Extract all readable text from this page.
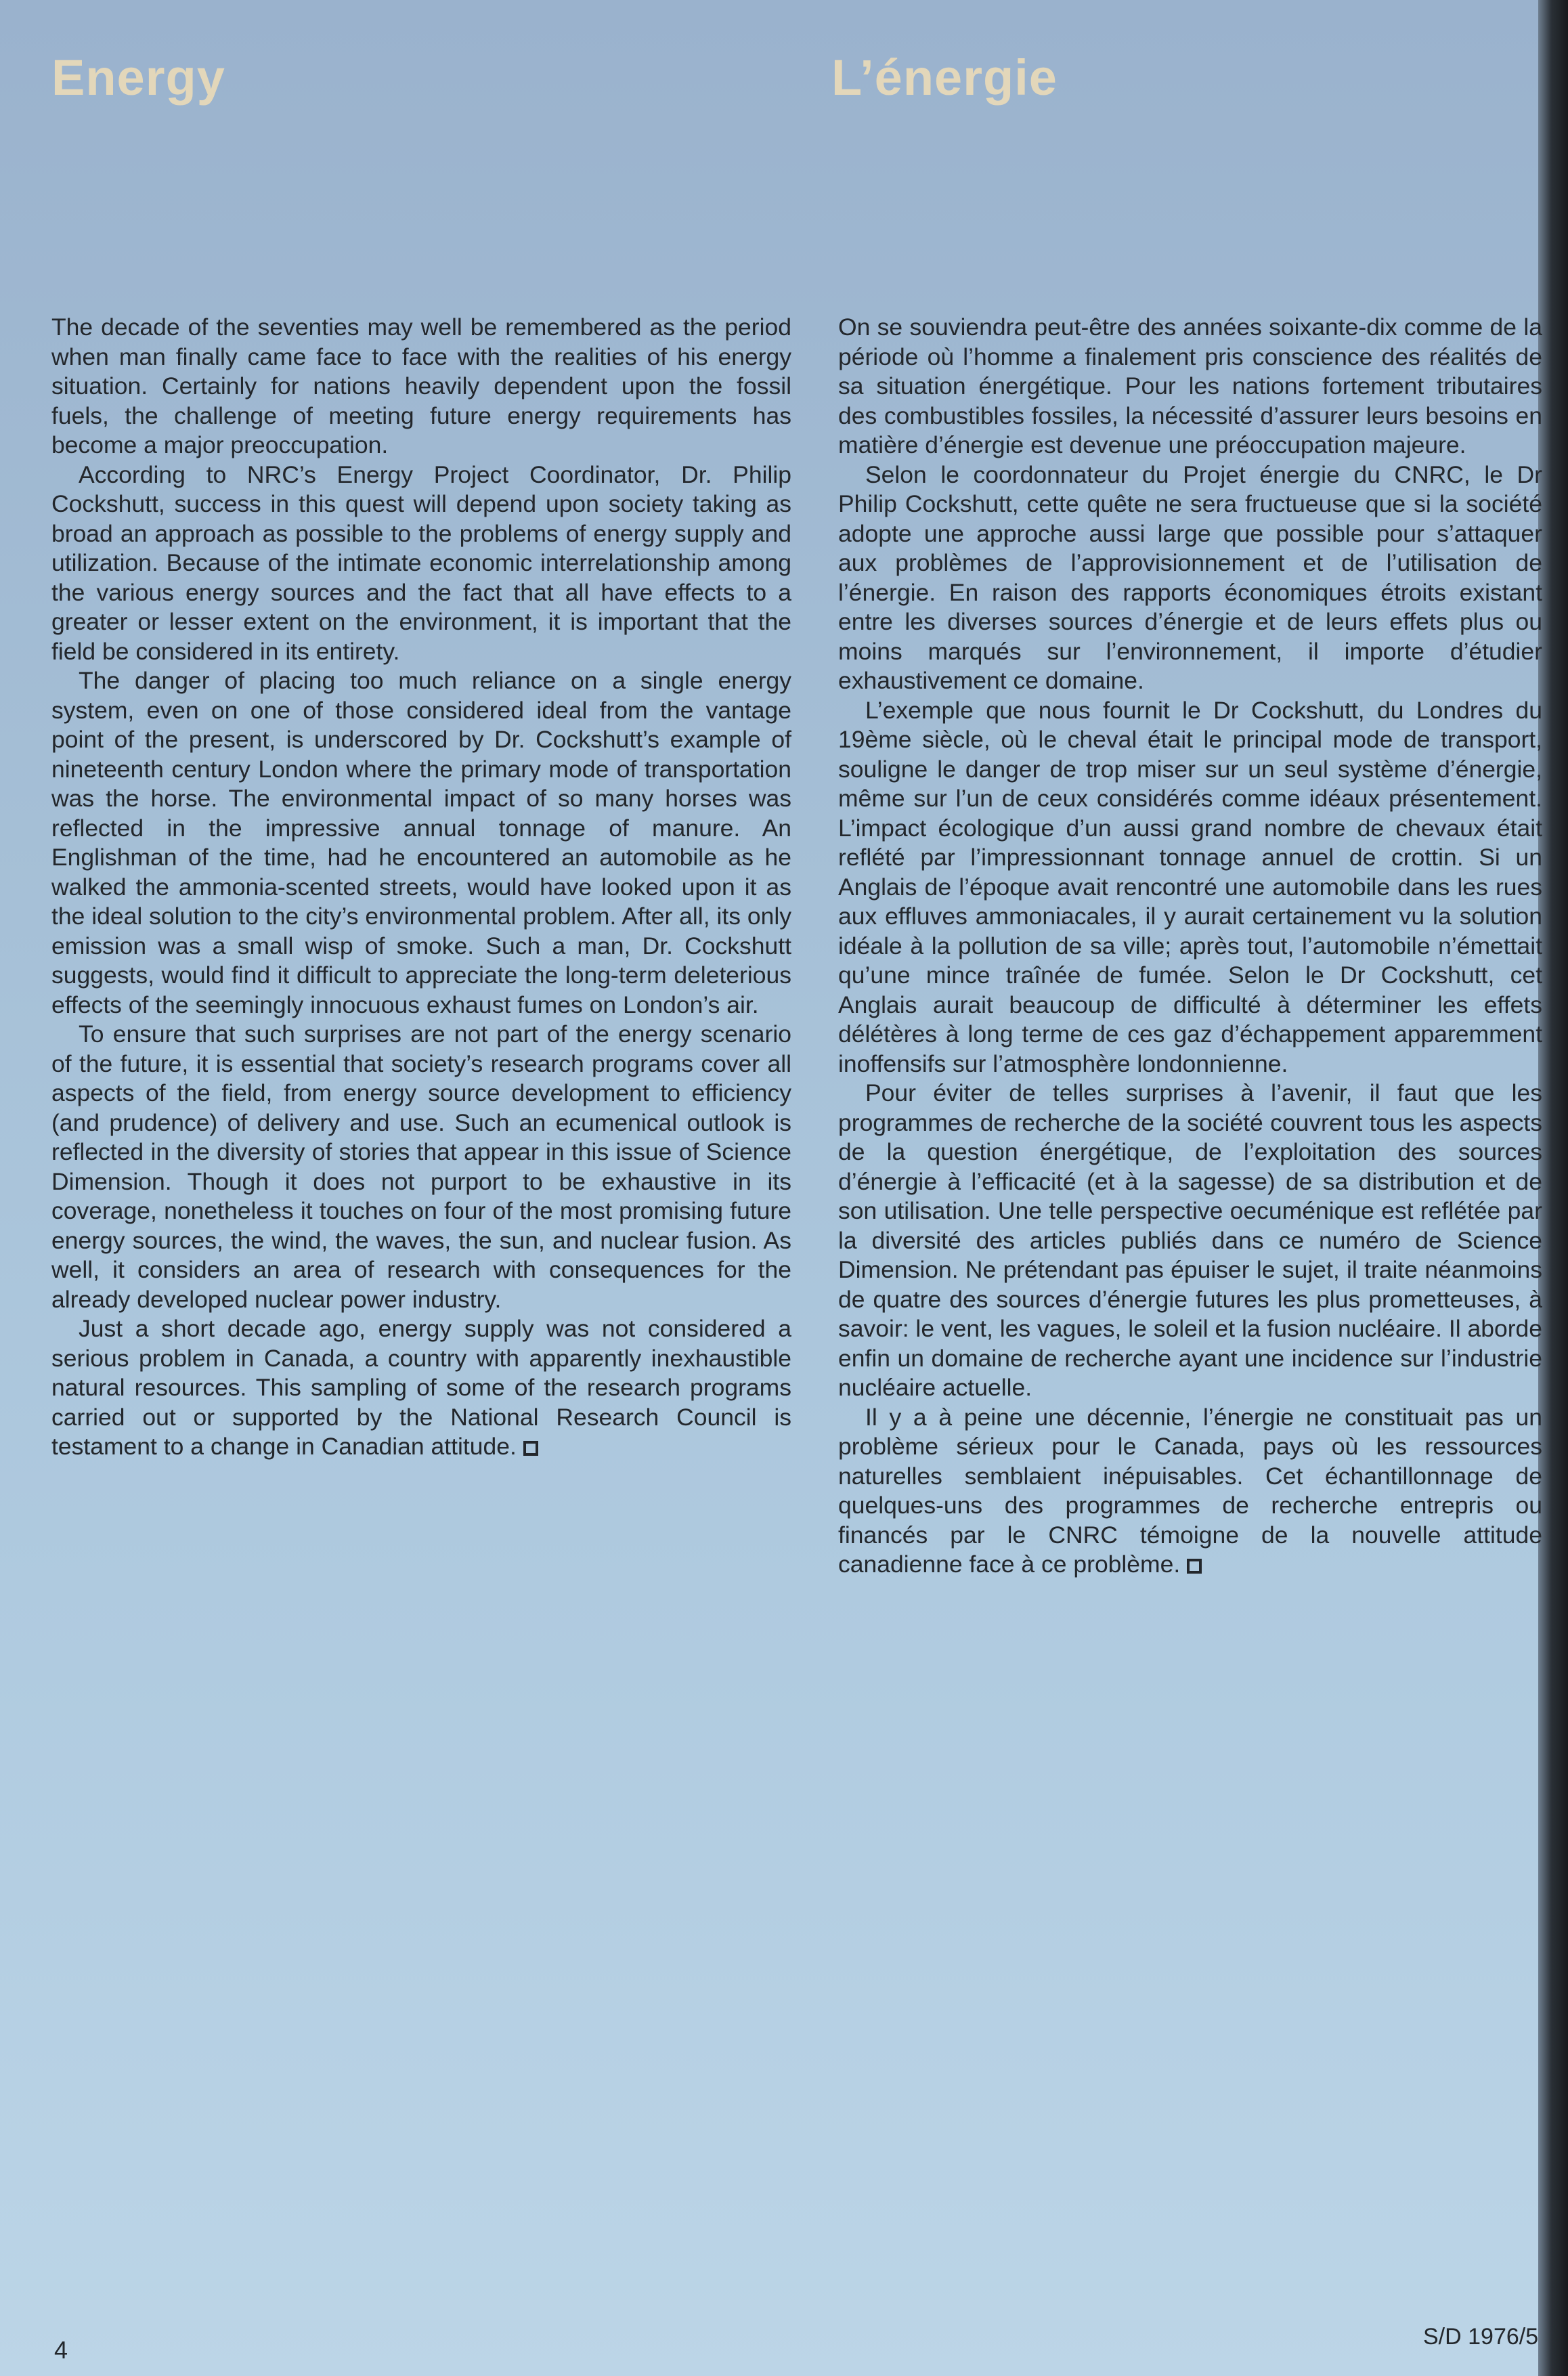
Energy	L’énergie

The decade of the seventies may well be remembered as the period when man finally came face to face with the realities of his energy situation. Certainly for nations heavily dependent upon the fossil fuels, the challenge of meeting future energy requirements has become a major preoccupation.

According to NRC’s Energy Project Coordinator, Dr. Philip Cockshutt, success in this quest will depend upon society taking as broad an approach as possible to the problems of energy supply and utilization. Because of the intimate economic interrelationship among the various energy sources and the fact that all have effects to a greater or lesser extent on the environment, it is important that the field be considered in its entirety.

The danger of placing too much reliance on a single energy system, even on one of those considered ideal from the vantage point of the present, is underscored by Dr. Cockshutt’s example of nineteenth century London where the primary mode of transportation was the horse. The environmental impact of so many horses was reflected in the impressive annual tonnage of manure. An Englishman of the time, had he encountered an automobile as he walked the ammonia-scented streets, would have looked upon it as the ideal solution to the city’s environmental problem. After all, its only emission was a small wisp of smoke. Such a man, Dr. Cockshutt suggests, would find it difficult to appreciate the long-term deleterious effects of the seemingly innocuous exhaust fumes on London’s air.

To ensure that such surprises are not part of the energy scenario of the future, it is essential that society’s research programs cover all aspects of the field, from energy source development to efficiency (and prudence) of delivery and use. Such an ecumenical outlook is reflected in the diversity of stories that appear in this issue of Science Dimension. Though it does not purport to be exhaustive in its coverage, nonetheless it touches on four of the most promising future energy sources, the wind, the waves, the sun, and nuclear fusion. As well, it considers an area of research with consequences for the already developed nuclear power industry.

Just a short decade ago, energy supply was not considered a serious problem in Canada, a country with apparently inexhaustible natural resources. This sampling of some of the research programs carried out or supported by the National Research Council is testament to a change in Canadian attitude.

On se souviendra peut-être des années soixante-dix comme de la période où l’homme a finalement pris conscience des réalités de sa situation énergétique. Pour les nations fortement tributaires des combustibles fossiles, la nécessité d’assurer leurs besoins en matière d’énergie est devenue une préoccupation majeure.

Selon le coordonnateur du Projet énergie du CNRC, le Dr Philip Cockshutt, cette quête ne sera fructueuse que si la société adopte une approche aussi large que possible pour s’attaquer aux problèmes de l’approvisionnement et de l’utilisation de l’énergie. En raison des rapports économiques étroits existant entre les diverses sources d’énergie et de leurs effets plus ou moins marqués sur l’environnement, il importe d’étudier exhaustivement ce domaine.

L’exemple que nous fournit le Dr Cockshutt, du Londres du 19ème siècle, où le cheval était le principal mode de transport, souligne le danger de trop miser sur un seul système d’énergie, même sur l’un de ceux considérés comme idéaux présentement. L’impact écologique d’un aussi grand nombre de chevaux était reflété par l’impressionnant tonnage annuel de crottin. Si un Anglais de l’époque avait rencontré une automobile dans les rues aux effluves ammoniacales, il y aurait certainement vu la solution idéale à la pollution de sa ville; après tout, l’automobile n’émettait qu’une mince traînée de fumée. Selon le Dr Cockshutt, cet Anglais aurait beaucoup de difficulté à déterminer les effets délétères à long terme de ces gaz d’échappement apparemment inoffensifs sur l’atmosphère londonnienne.

Pour éviter de telles surprises à l’avenir, il faut que les programmes de recherche de la société couvrent tous les aspects de la question énergétique, de l’exploitation des sources d’énergie à l’efficacité (et à la sagesse) de sa distribution et de son utilisation. Une telle perspective oecuménique est reflétée par la diversité des articles publiés dans ce numéro de Science Dimension. Ne prétendant pas épuiser le sujet, il traite néanmoins de quatre des sources d’énergie futures les plus prometteuses, à savoir: le vent, les vagues, le soleil et la fusion nucléaire. Il aborde enfin un domaine de recherche ayant une incidence sur l’industrie nucléaire actuelle.

Il y a à peine une décennie, l’énergie ne constituait pas un problème sérieux pour le Canada, pays où les ressources naturelles semblaient inépuisables. Cet échantillonnage de quelques-uns des programmes de recherche entrepris ou financés par le CNRC témoigne de la nouvelle attitude canadienne face à ce problème.

4	S/D 1976/5
